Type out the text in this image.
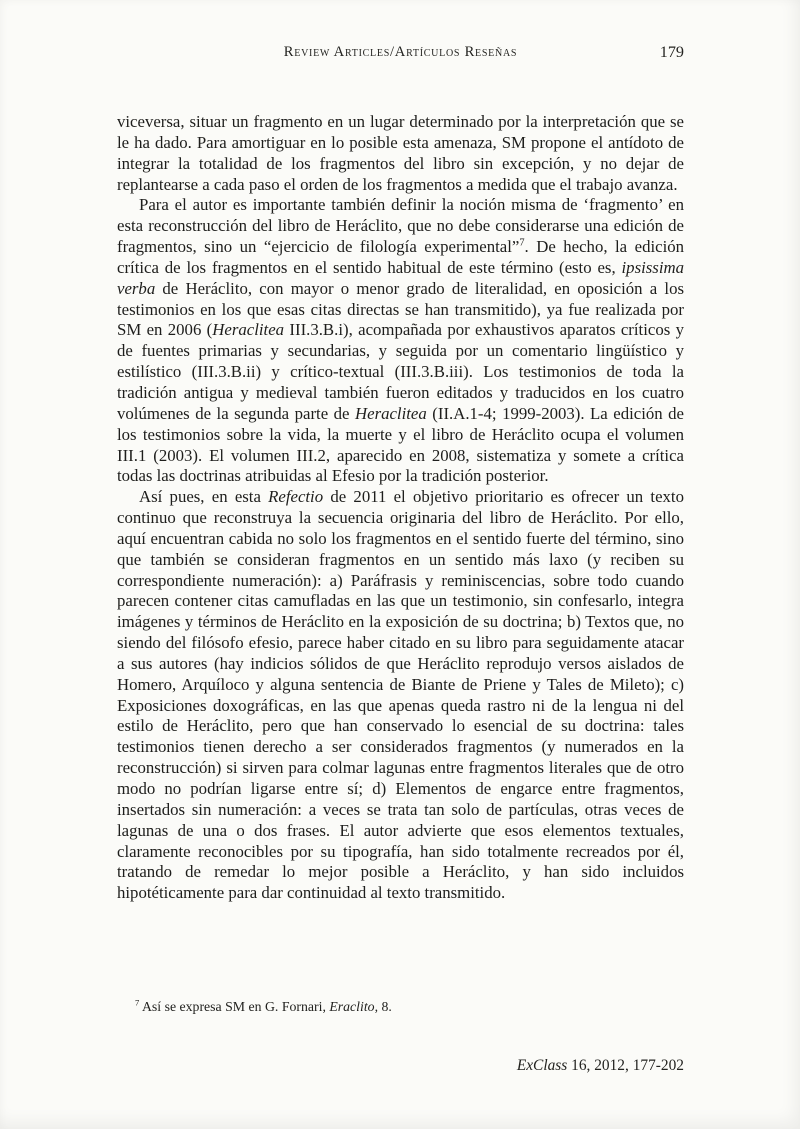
Review Articles/Artículos Reseñas	179

viceversa, situar un fragmento en un lugar determinado por la interpretación que se le ha dado. Para amortiguar en lo posible esta amenaza, SM propone el antídoto de integrar la totalidad de los fragmentos del libro sin excepción, y no dejar de replantearse a cada paso el orden de los fragmentos a medida que el trabajo avanza.

Para el autor es importante también definir la noción misma de ‘fragmento’ en esta reconstrucción del libro de Heráclito, que no debe considerarse una edición de fragmentos, sino un “ejercicio de filología experimental”$^7$. De hecho, la edición crítica de los fragmentos en el sentido habitual de este término (esto es, ipsissima verba de Heráclito, con mayor o menor grado de literalidad, en oposición a los testimonios en los que esas citas directas se han transmitido), ya fue realizada por SM en 2006 (Heraclitea III.3.B.i), acompañada por exhaustivos aparatos críticos y de fuentes primarias y secundarias, y seguida por un comentario lingüístico y estilístico (III.3.B.ii) y crítico-textual (III.3.B.iii). Los testimonios de toda la tradición antigua y medieval también fueron editados y traducidos en los cuatro volúmenes de la segunda parte de Heraclitea (II.A.1-4; 1999-2003). La edición de los testimonios sobre la vida, la muerte y el libro de Heráclito ocupa el volumen III.1 (2003). El volumen III.2, aparecido en 2008, sistematiza y somete a crítica todas las doctrinas atribuidas al Efesio por la tradición posterior.

Así pues, en esta Refectio de 2011 el objetivo prioritario es ofrecer un texto continuo que reconstruya la secuencia originaria del libro de Heráclito. Por ello, aquí encuentran cabida no solo los fragmentos en el sentido fuerte del término, sino que también se consideran fragmentos en un sentido más laxo (y reciben su correspondiente numeración): a) Paráfrasis y reminiscencias, sobre todo cuando parecen contener citas camufladas en las que un testimonio, sin confesarlo, integra imágenes y términos de Heráclito en la exposición de su doctrina; b) Textos que, no siendo del filósofo efesio, parece haber citado en su libro para seguidamente atacar a sus autores (hay indicios sólidos de que Heráclito reprodujo versos aislados de Homero, Arquíloco y alguna sentencia de Biante de Priene y Tales de Mileto); c) Exposiciones doxográficas, en las que apenas queda rastro ni de la lengua ni del estilo de Heráclito, pero que han conservado lo esencial de su doctrina: tales testimonios tienen derecho a ser considerados fragmentos (y numerados en la reconstrucción) si sirven para colmar lagunas entre fragmentos literales que de otro modo no podrían ligarse entre sí; d) Elementos de engarce entre fragmentos, insertados sin numeración: a veces se trata tan solo de partículas, otras veces de lagunas de una o dos frases. El autor advierte que esos elementos textuales, claramente reconocibles por su tipografía, han sido totalmente recreados por él, tratando de remedar lo mejor posible a Heráclito, y han sido incluidos hipotéticamente para dar continuidad al texto transmitido.

$^7$ Así se expresa SM en G. Fornari, Eraclito, 8.
ExClass 16, 2012, 177-202
